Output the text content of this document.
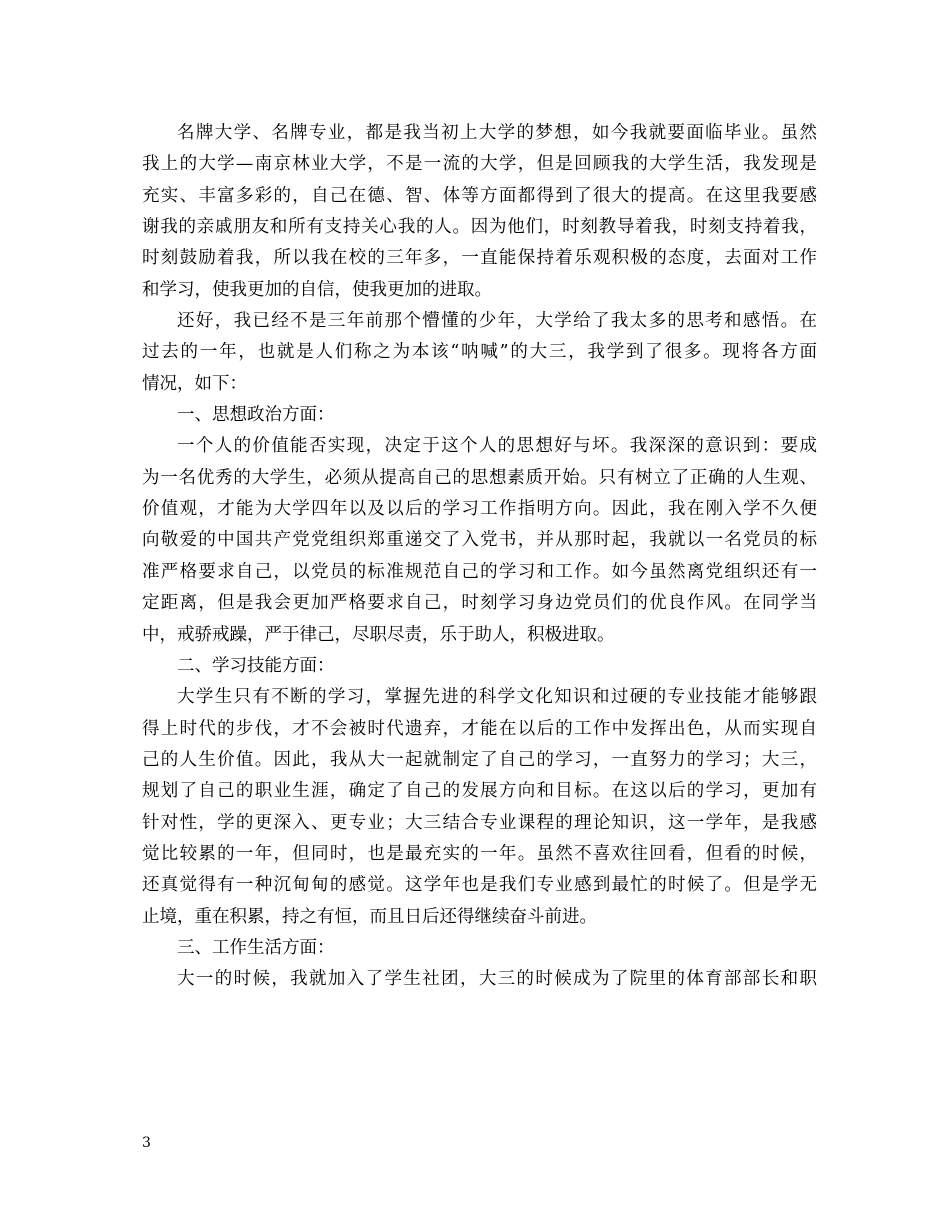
名牌大学、名牌专业，都是我当初上大学的梦想，如今我就要面临毕业。虽然
我上的大学—南京林业大学，不是一流的大学，但是回顾我的大学生活，我发现是
充实、丰富多彩的，自己在德、智、体等方面都得到了很大的提高。在这里我要感
谢我的亲戚朋友和所有支持关心我的人。因为他们，时刻教导着我，时刻支持着我，
时刻鼓励着我，所以我在校的三年多，一直能保持着乐观积极的态度，去面对工作
和学习，使我更加的自信，使我更加的进取。
还好，我已经不是三年前那个懵懂的少年，大学给了我太多的思考和感悟。在
过去的一年，也就是人们称之为本该“呐喊”的大三，我学到了很多。现将各方面
情况，如下：
一、思想政治方面：
一个人的价值能否实现，决定于这个人的思想好与坏。我深深的意识到：要成
为一名优秀的大学生，必须从提高自己的思想素质开始。只有树立了正确的人生观、
价值观，才能为大学四年以及以后的学习工作指明方向。因此，我在刚入学不久便
向敬爱的中国共产党党组织郑重递交了入党书，并从那时起，我就以一名党员的标
准严格要求自己，以党员的标准规范自己的学习和工作。如今虽然离党组织还有一
定距离，但是我会更加严格要求自己，时刻学习身边党员们的优良作风。在同学当
中，戒骄戒躁，严于律己，尽职尽责，乐于助人，积极进取。
二、学习技能方面：
大学生只有不断的学习，掌握先进的科学文化知识和过硬的专业技能才能够跟
得上时代的步伐，才不会被时代遗弃，才能在以后的工作中发挥出色，从而实现自
己的人生价值。因此，我从大一起就制定了自己的学习，一直努力的学习；大三，
规划了自己的职业生涯，确定了自己的发展方向和目标。在这以后的学习，更加有
针对性，学的更深入、更专业；大三结合专业课程的理论知识，这一学年，是我感
觉比较累的一年，但同时，也是最充实的一年。虽然不喜欢往回看，但看的时候，
还真觉得有一种沉甸甸的感觉。这学年也是我们专业感到最忙的时候了。但是学无
止境，重在积累，持之有恒，而且日后还得继续奋斗前进。
三、工作生活方面：
大一的时候，我就加入了学生社团，大三的时候成为了院里的体育部部长和职
3
